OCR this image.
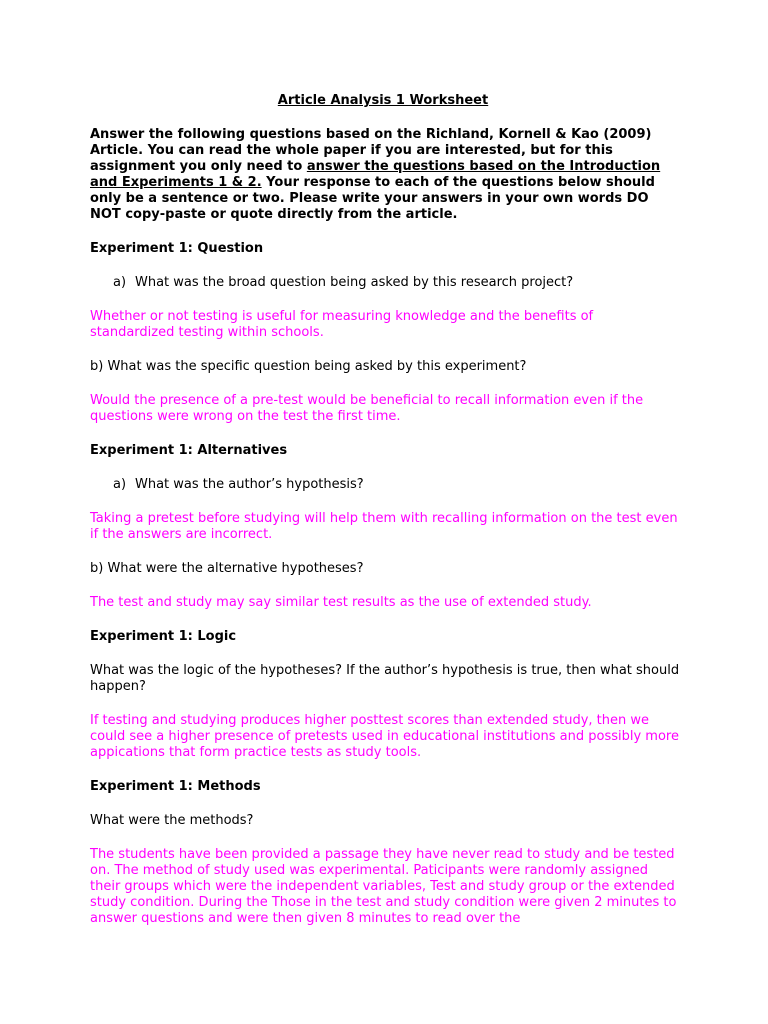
Article Analysis 1 Worksheet
Answer the following questions based on the Richland, Kornell & Kao (2009) Article. You can read the whole paper if you are interested, but for this assignment you only need to answer the questions based on the Introduction and Experiments 1 & 2. Your response to each of the questions below should only be a sentence or two. Please write your answers in your own words DO NOT copy-paste or quote directly from the article.
Experiment 1: Question
a) What was the broad question being asked by this research project?
Whether or not testing is useful for measuring knowledge and the benefits of standardized testing within schools.
b) What was the specific question being asked by this experiment?
Would the presence of a pre-test would be beneficial to recall information even if the questions were wrong on the test the first time.
Experiment 1: Alternatives
a) What was the author’s hypothesis?
Taking a pretest before studying will help them with recalling information on the test even if the answers are incorrect.
b) What were the alternative hypotheses?
The test and study may say similar test results as the use of extended study.
Experiment 1: Logic
What was the logic of the hypotheses? If the author’s hypothesis is true, then what should happen?
If testing and studying produces higher posttest scores than extended study, then we could see a higher presence of pretests used in educational institutions and possibly more appications that form practice tests as study tools.
Experiment 1: Methods
What were the methods?
The students have been provided a passage they have never read to study and be tested on. The method of study used was experimental. Paticipants were randomly assigned their groups which were the independent variables, Test and study group or the extended study condition. During the Those in the test and study condition were given 2 minutes to answer questions and were then given 8 minutes to read over the
